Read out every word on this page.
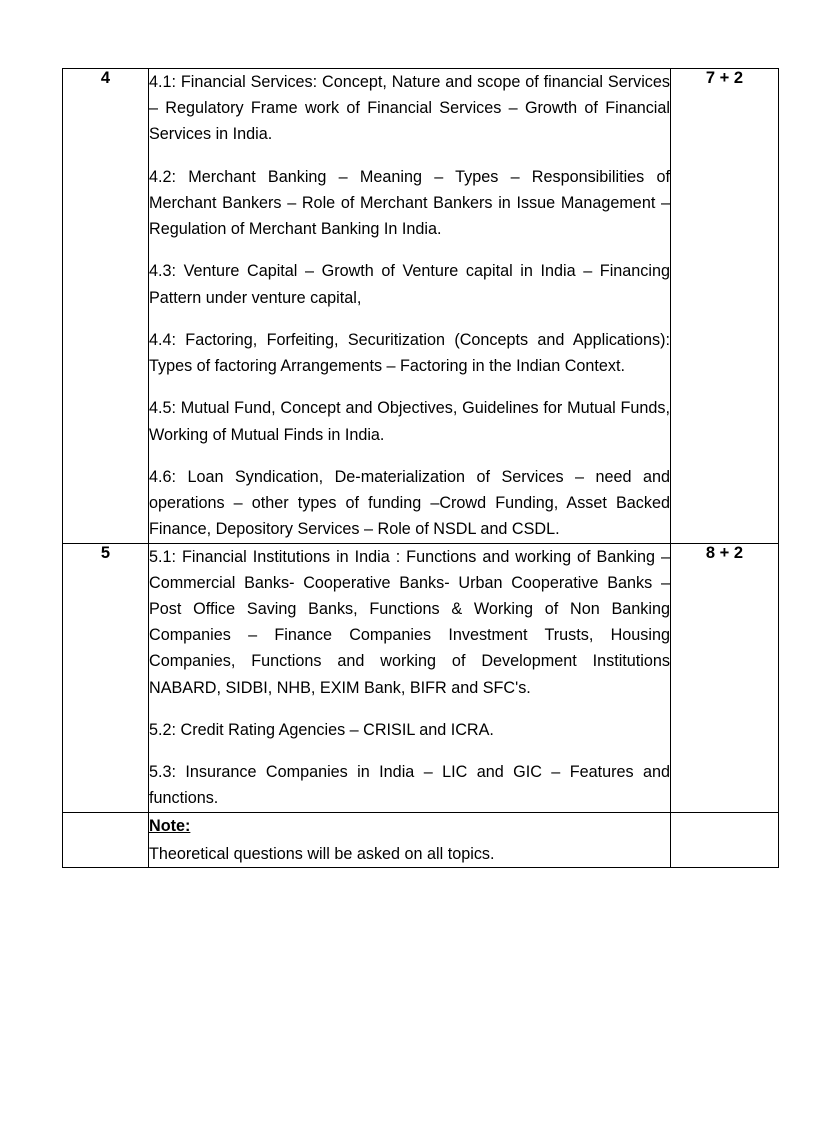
4	4.1: Financial Services: Concept, Nature and scope of financial Services – Regulatory Frame work of Financial Services – Growth of Financial Services in India.

4.2: Merchant Banking – Meaning – Types – Responsibilities of Merchant Bankers – Role of Merchant Bankers in Issue Management – Regulation of Merchant Banking In India.

4.3: Venture Capital – Growth of Venture capital in India – Financing Pattern under venture capital,

4.4: Factoring, Forfeiting, Securitization (Concepts and Applications): Types of factoring Arrangements – Factoring in the Indian Context.

4.5: Mutual Fund, Concept and Objectives, Guidelines for Mutual Funds, Working of Mutual Finds in India.

4.6: Loan Syndication, De-materialization of Services – need and operations – other types of funding –Crowd Funding, Asset Backed Finance, Depository Services – Role of NSDL and CSDL.

	7 + 2
5	5.1: Financial Institutions in India : Functions and working of Banking – Commercial Banks- Cooperative Banks- Urban Cooperative Banks – Post Office Saving Banks, Functions & Working of Non Banking Companies – Finance Companies Investment Trusts, Housing Companies, Functions and working of Development Institutions NABARD, SIDBI, NHB, EXIM Bank, BIFR and SFC's.

5.2: Credit Rating Agencies – CRISIL and ICRA.

5.3: Insurance Companies in India – LIC and GIC – Features and functions.	8 + 2

	Note:
Theoretical questions will be asked on all topics.	
